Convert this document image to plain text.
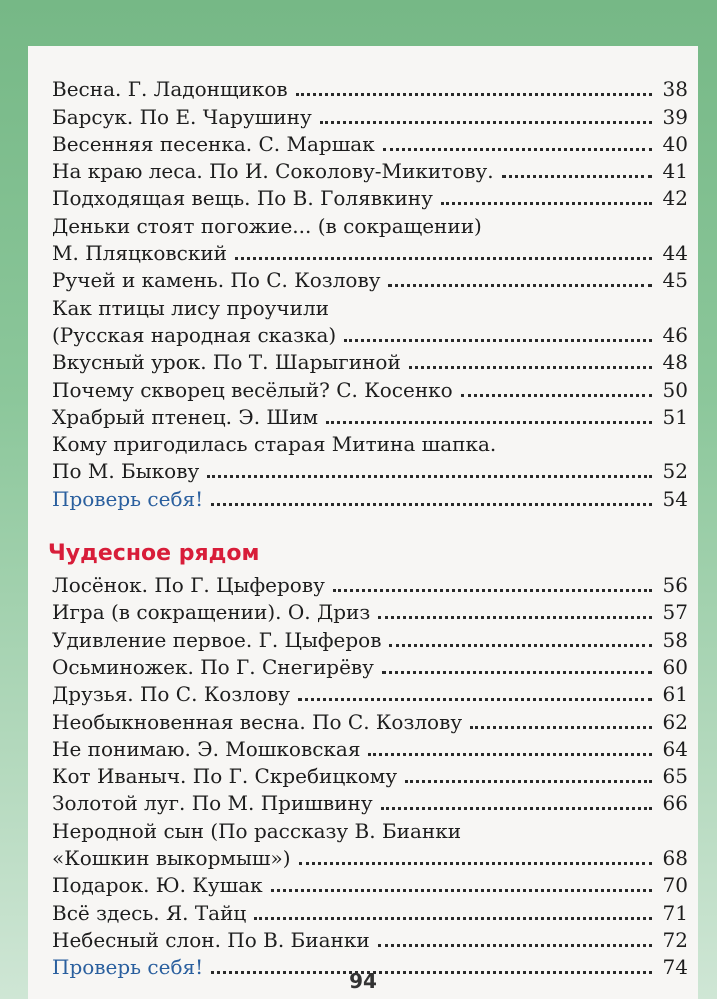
Весна. Г. Ладонщиков	38
Барсук. По Е. Чарушину	39
Весенняя песенка. С. Маршак	40
На краю леса. По И. Соколову-Микитову.	41
Подходящая вещь. По В. Голявкину	42
Деньки стоят погожие... (в сокращении)
М. Пляцковский	44
Ручей и камень. По С. Козлову	45
Как птицы лису проучили
(Русская народная сказка)	46
Вкусный урок. По Т. Шарыгиной	48
Почему скворец весёлый? С. Косенко	50
Храбрый птенец. Э. Шим	51
Кому пригодилась старая Митина шапка.
По М. Быкову	52
Проверь себя!	54
Чудесное рядом
Лосёнок. По Г. Цыферову	56
Игра (в сокращении). О. Дриз	57
Удивление первое. Г. Цыферов	58
Осьминожек. По Г. Снегирёву	60
Друзья. По С. Козлову	61
Необыкновенная весна. По С. Козлову	62
Не понимаю. Э. Мошковская	64
Кот Иваныч. По Г. Скребицкому	65
Золотой луг. По М. Пришвину	66
Неродной сын (По рассказу В. Бианки
«Кошкин выкормыш»)	68
Подарок. Ю. Кушак	70
Всё здесь. Я. Тайц	71
Небесный слон. По В. Бианки	72
Проверь себя!	74
94
